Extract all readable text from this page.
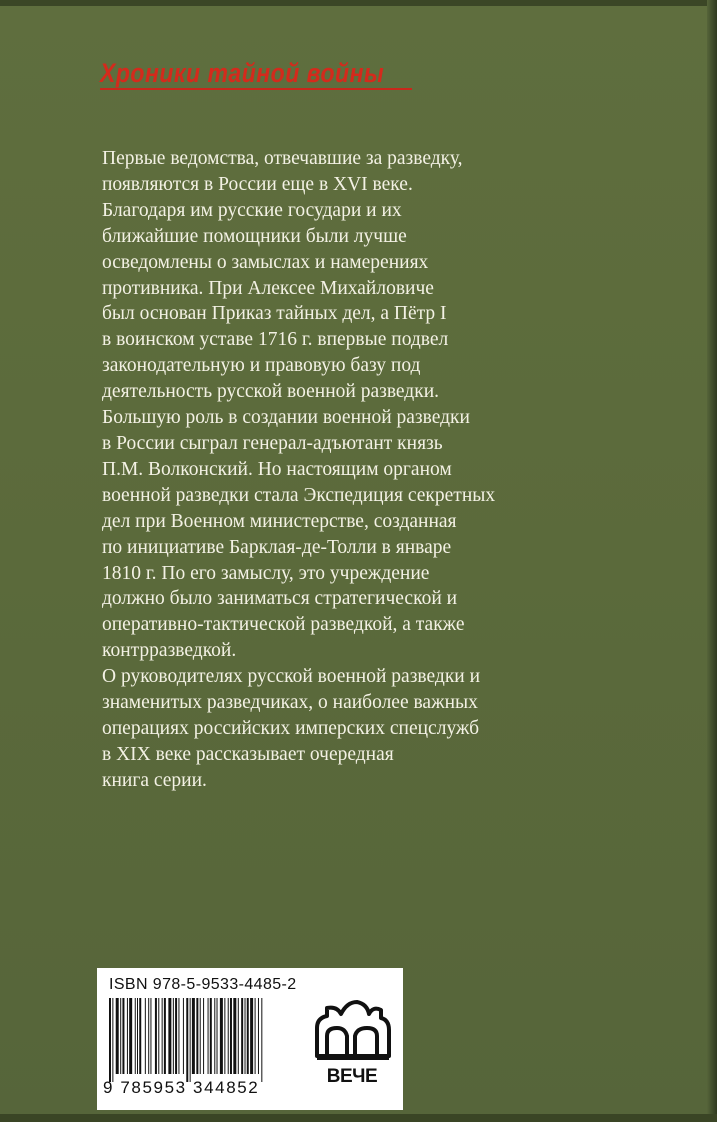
Хроники тайной войны
Первые ведомства, отвечавшие за разведку,
появляются в России еще в XVI веке.
Благодаря им русские государи и их
ближайшие помощники были лучше
осведомлены о замыслах и намерениях
противника. При Алексее Михайловиче
был основан Приказ тайных дел, а Пётр I
в воинском уставе 1716 г. впервые подвел
законодательную и правовую базу под
деятельность русской военной разведки.
Большую роль в создании военной разведки
в России сыграл генерал-адъютант князь
П.М. Волконский. Но настоящим органом
военной разведки стала Экспедиция секретных
дел при Военном министерстве, созданная
по инициативе Барклая-де-Толли в январе
1810 г. По его замыслу, это учреждение
должно было заниматься стратегической и
оперативно-тактической разведкой, а также
контрразведкой.
О руководителях русской военной разведки и
знаменитых разведчиках, о наиболее важных
операциях российских имперских спецслужб
в XIX веке рассказывает очередная
книга серии.
ISBN 978-5-9533-4485-2
9 785953 344852
ВЕЧЕ
